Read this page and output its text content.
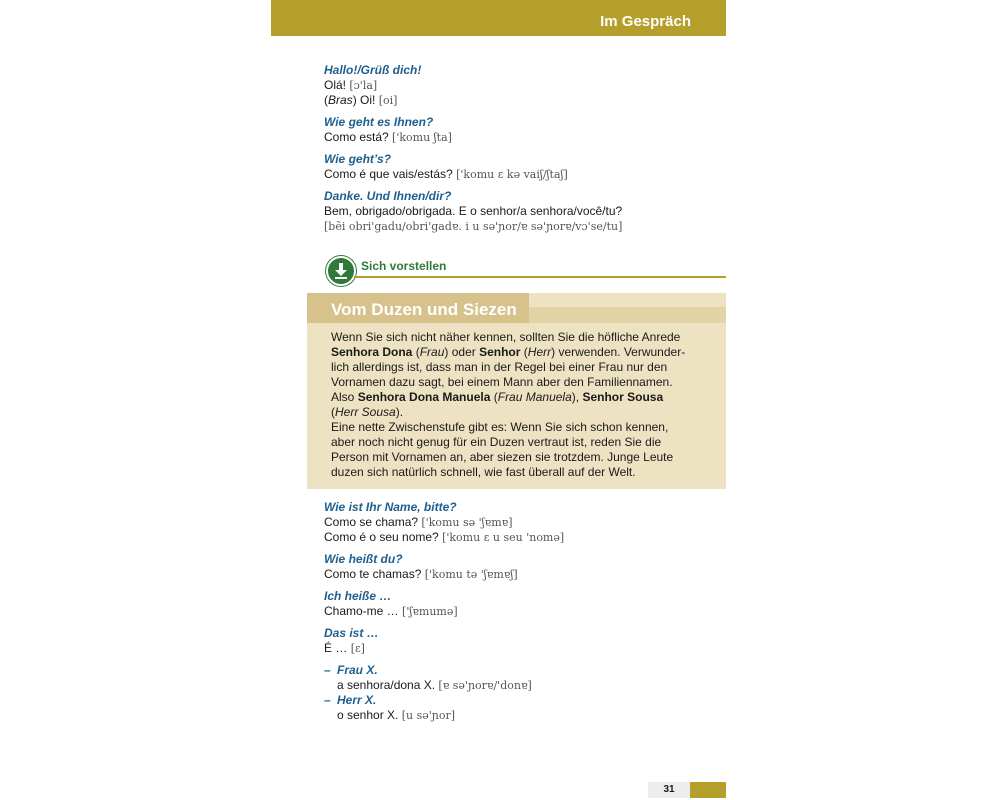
Im Gespräch
Hallo!/Grüß dich!
Olá! [ɔ'la]
(Bras) Oi! [oi]
Wie geht es Ihnen?
Como está? ['komu ʃta]
Wie geht’s?
Como é que vais/estás? ['komu ɛ kə vaiʃ/ʃtaʃ]
Danke. Und Ihnen/dir?
Bem, obrigado/obrigada. E o senhor/a senhora/você/tu?
[bẽi obri'gadu/obri'gadɐ. i u sə'ɲor/ɐ sə'ɲorɐ/vɔ'se/tu]
Sich vorstellen
Vom Duzen und Siezen
Wenn Sie sich nicht näher kennen, sollten Sie die höfliche Anrede
Senhora Dona (Frau) oder Senhor (Herr) verwenden. Verwunder-
lich allerdings ist, dass man in der Regel bei einer Frau nur den
Vornamen dazu sagt, bei einem Mann aber den Familiennamen.
Also Senhora Dona Manuela (Frau Manuela), Senhor Sousa
(Herr Sousa).
Eine nette Zwischenstufe gibt es: Wenn Sie sich schon kennen,
aber noch nicht genug für ein Duzen vertraut ist, reden Sie die
Person mit Vornamen an, aber siezen sie trotzdem. Junge Leute
duzen sich natürlich schnell, wie fast überall auf der Welt.
Wie ist Ihr Name, bitte?
Como se chama? ['komu sə 'ʃɐmɐ]
Como é o seu nome? ['komu ɛ u seu 'nomə]
Wie heißt du?
Como te chamas? ['komu tə 'ʃɐmɐʃ]
Ich heiße …
Chamo-me … ['ʃɐmumə]
Das ist …
É … [ɛ]
– Frau X.
a senhora/dona X. [ɐ sə'ɲorɐ/'donɐ]
– Herr X.
o senhor X. [u sə'ɲor]
31
